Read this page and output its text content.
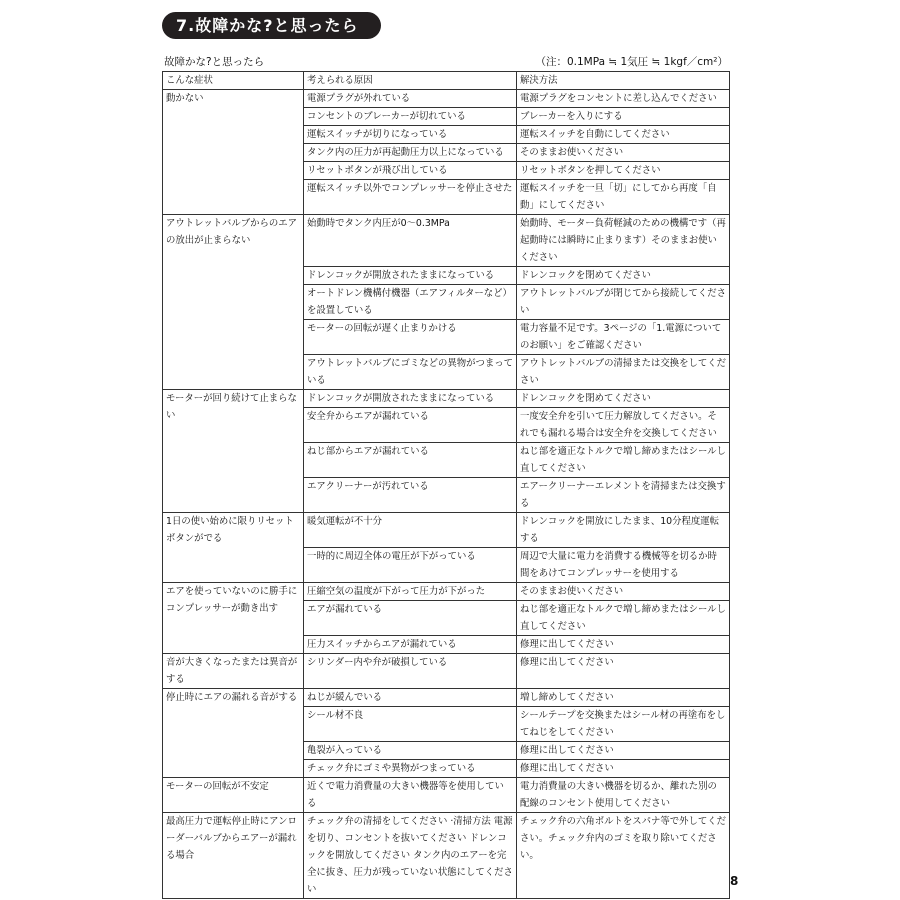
7.故障かな?と思ったら
故障かな?と思ったら	（注：0.1MPa ≒ 1気圧 ≒ 1kgf／cm²）
こんな症状	考えられる原因	解決方法
動かない	電源プラグが外れている	電源プラグをコンセントに差し込んでください
	コンセントのブレーカーが切れている	ブレーカーを入りにする
	運転スイッチが切りになっている	運転スイッチを自動にしてください
	タンク内の圧力が再起動圧力以上になっている	そのままお使いください
	リセットボタンが飛び出している	リセットボタンを押してください
	運転スイッチ以外でコンプレッサーを停止させた	運転スイッチを一旦「切」にしてから再度「自動」にしてください
アウトレットバルブからのエアの放出が止まらない	始動時でタンク内圧が0〜0.3MPa	始動時、モーター負荷軽減のための機構です（再起動時には瞬時に止まります）そのままお使いください
	ドレンコックが開放されたままになっている	ドレンコックを閉めてください
	オートドレン機構付機器（エアフィルターなど）を設置している	アウトレットバルブが閉じてから接続してください
	モーターの回転が遅く止まりかける	電力容量不足です。3ページの「1.電源についてのお願い」をご確認ください
	アウトレットバルブにゴミなどの異物がつまっている	アウトレットバルブの清掃または交換をしてください
モーターが回り続けて止まらない	ドレンコックが開放されたままになっている	ドレンコックを閉めてください
	安全弁からエアが漏れている	一度安全弁を引いて圧力解放してください。それでも漏れる場合は安全弁を交換してください
	ねじ部からエアが漏れている	ねじ部を適正なトルクで増し締めまたはシールし直してください
	エアクリーナーが汚れている	エアークリーナーエレメントを清掃または交換する
1日の使い始めに限りリセットボタンがでる	暖気運転が不十分	ドレンコックを開放にしたまま、10分程度運転する
	一時的に周辺全体の電圧が下がっている	周辺で大量に電力を消費する機械等を切るか時間をあけてコンプレッサーを使用する
エアを使っていないのに勝手にコンプレッサーが動き出す	圧縮空気の温度が下がって圧力が下がった	そのままお使いください
	エアが漏れている	ねじ部を適正なトルクで増し締めまたはシールし直してください
	圧力スイッチからエアが漏れている	修理に出してください
音が大きくなったまたは異音がする	シリンダー内や弁が破損している	修理に出してください
停止時にエアの漏れる音がする	ねじが緩んでいる	増し締めしてください
	シール材不良	シールテープを交換またはシール材の再塗布をしてねじをしてください
	亀裂が入っている	修理に出してください
	チェック弁にゴミや異物がつまっている	修理に出してください
モーターの回転が不安定	近くで電力消費量の大きい機器等を使用している	電力消費量の大きい機器を切るか、離れた別の配線のコンセント使用してください
最高圧力で運転停止時にアンローダーバルブからエアーが漏れる場合	チェック弁の清掃をしてください ·清掃方法 電源を切り、コンセントを抜いてください ドレンコックを開放してください タンク内のエアーを完全に抜き、圧力が残っていない状態にしてください	チェック弁の六角ボルトをスパナ等で外してください。チェック弁内のゴミを取り除いてください。
8
